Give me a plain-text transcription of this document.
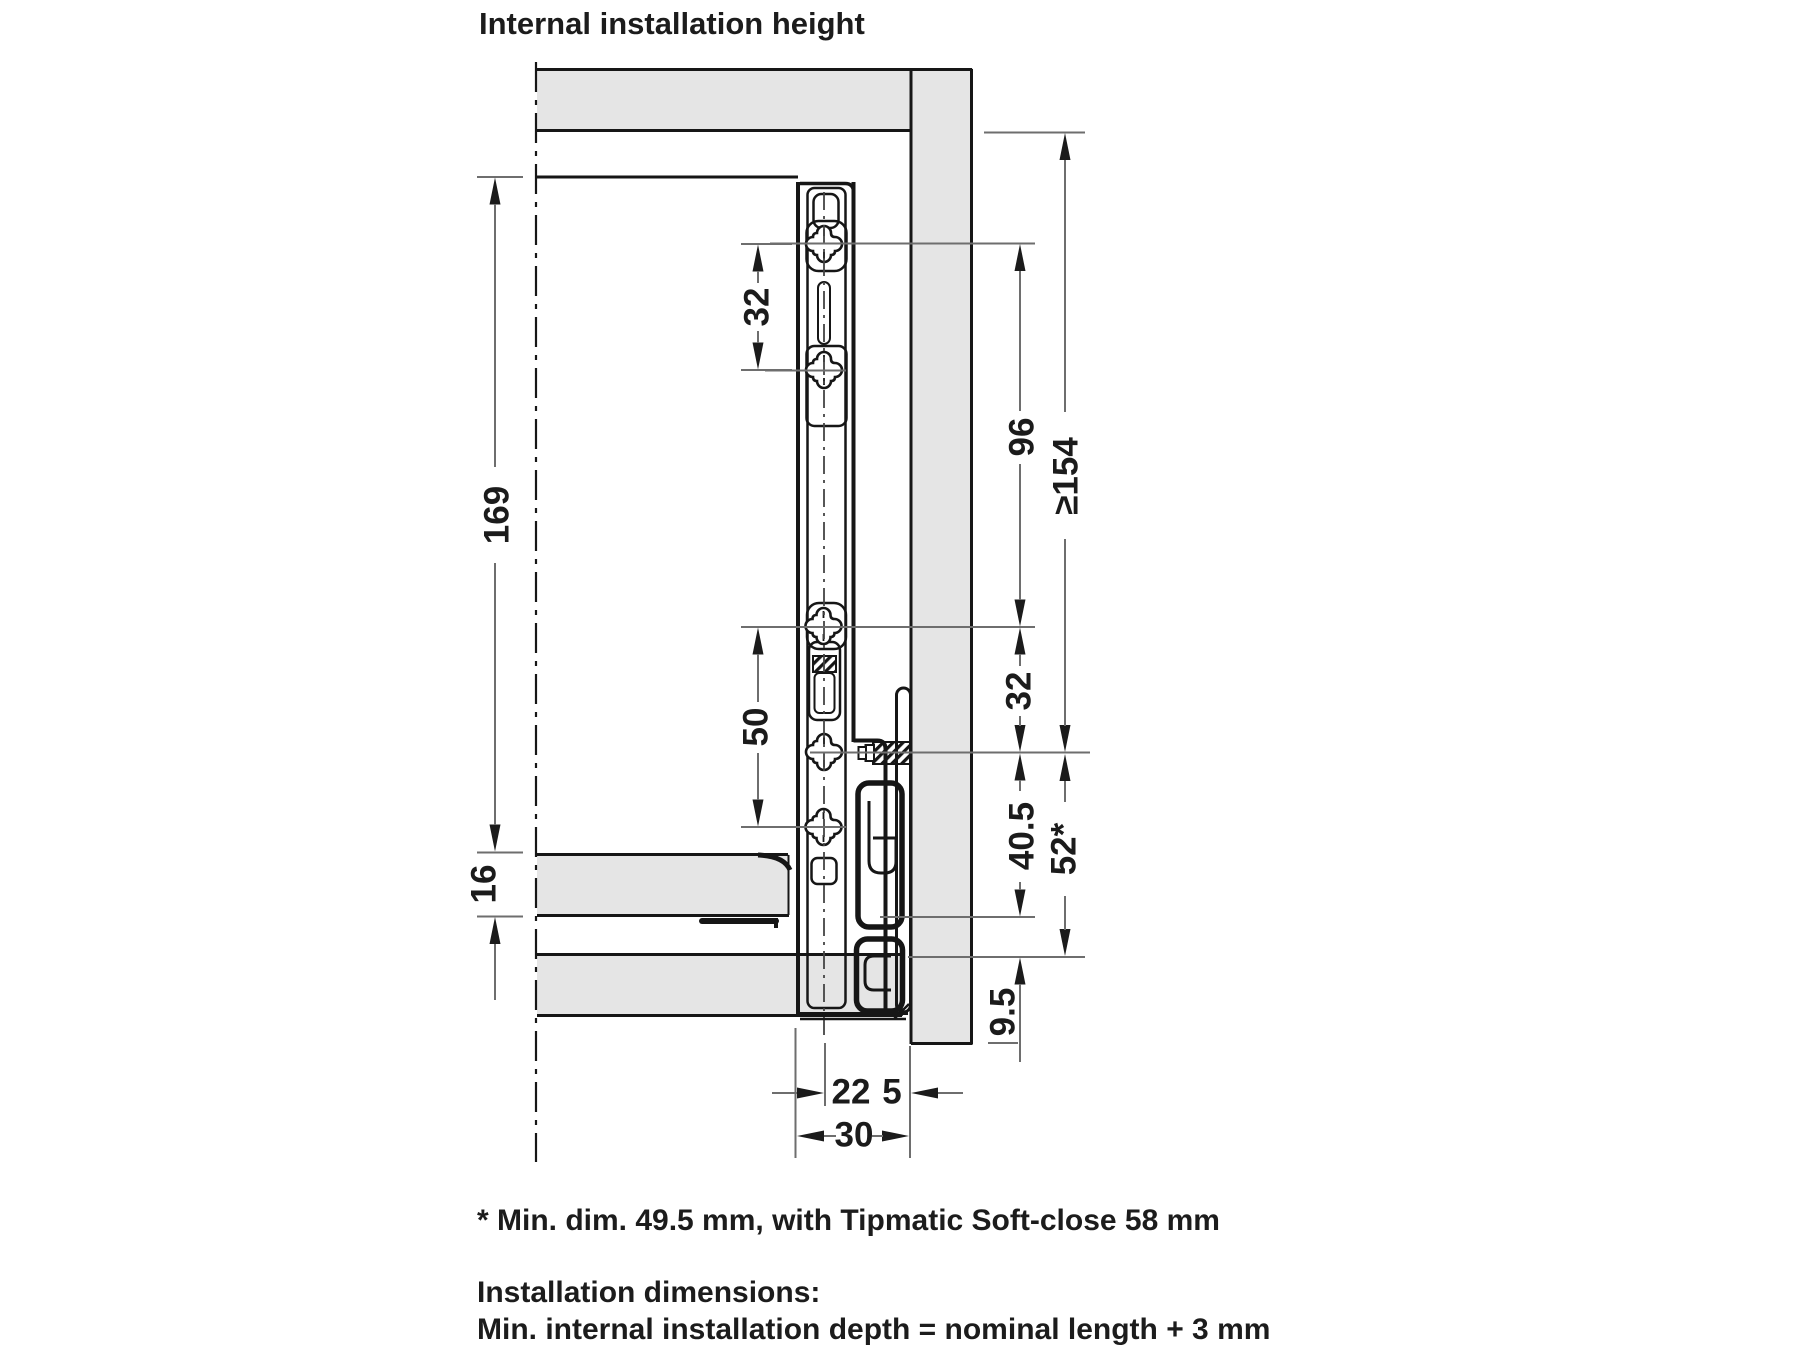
Internal installation height
* Min. dim. 49.5 mm, with Tipmatic Soft-close 58 mm
Installation dimensions:
Min. internal installation depth = nominal length + 3 mm
169
16
32
50
96
≥154
32
40.5 52*
9.5
22 5
30
